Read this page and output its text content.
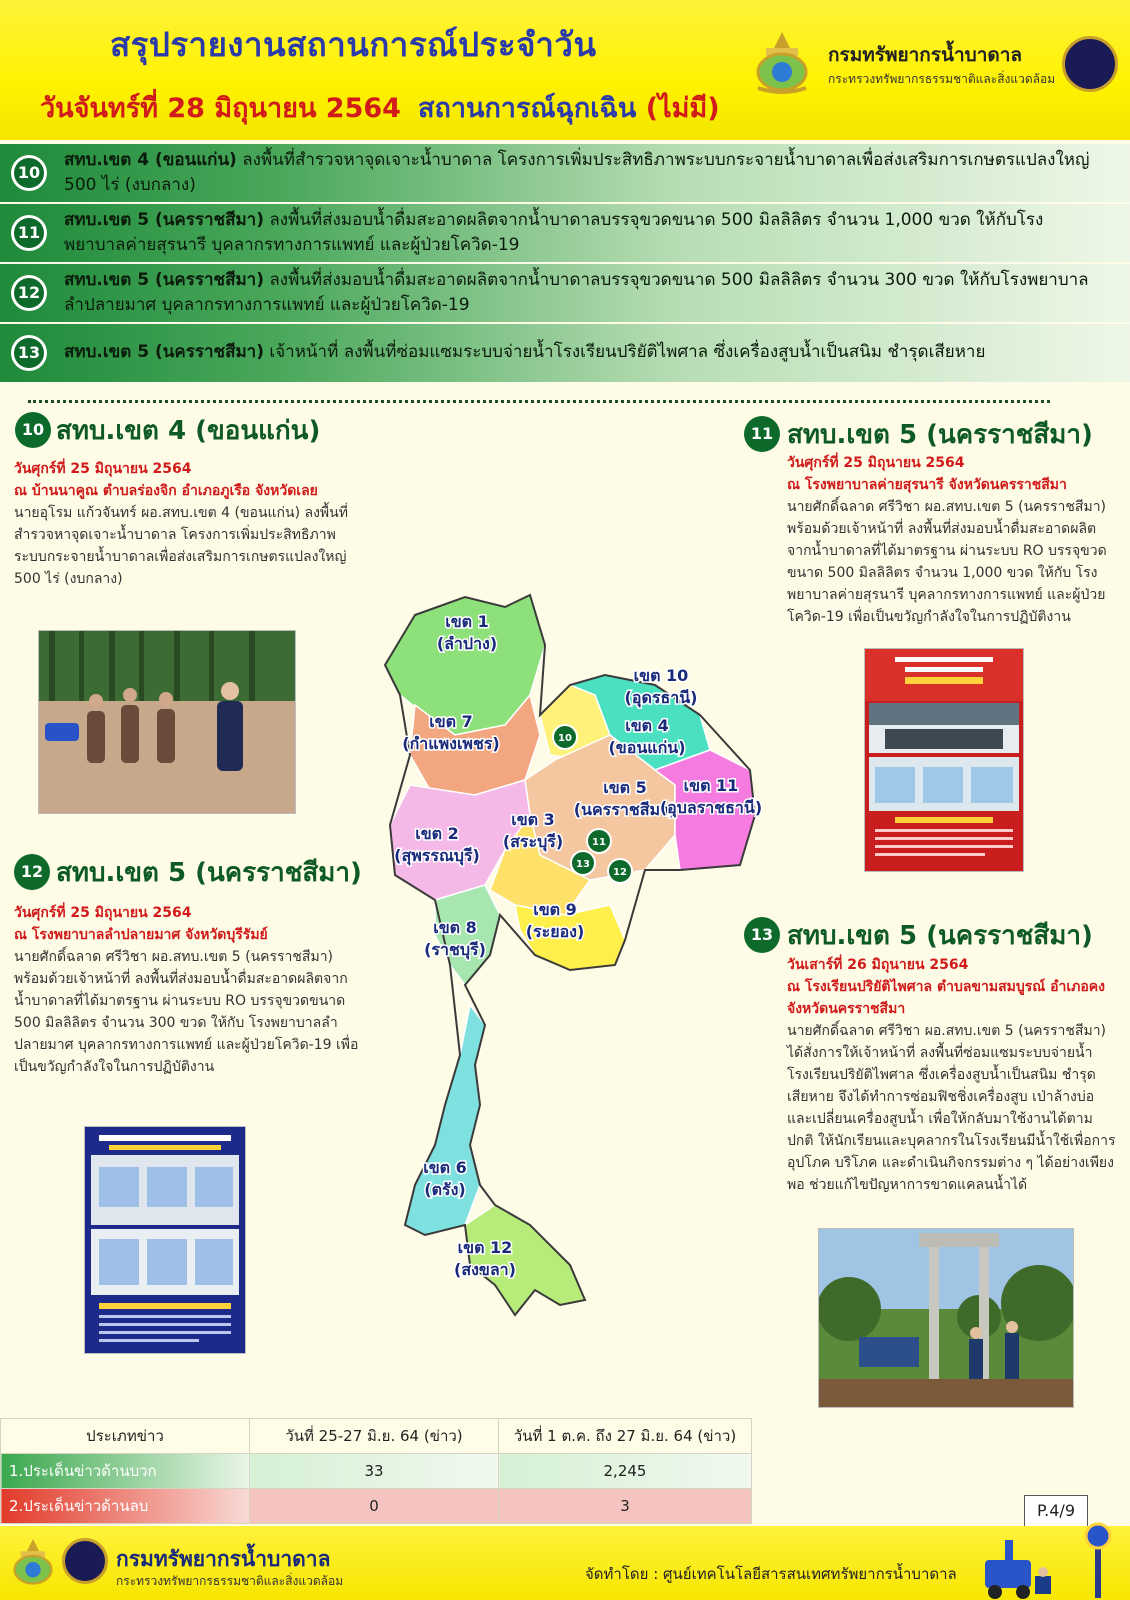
สรุปรายงานสถานการณ์ประจำวัน
วันจันทร์ที่ 28 มิถุนายน 2564 สถานการณ์ฉุกเฉิน (ไม่มี)
กรมทรัพยากรน้ำบาดาล
กระทรวงทรัพยากรธรรมชาติและสิ่งแวดล้อม
10
สทบ.เขต 4 (ขอนแก่น) ลงพื้นที่สำรวจหาจุดเจาะน้ำบาดาล โครงการเพิ่มประสิทธิภาพระบบกระจายน้ำบาดาลเพื่อส่งเสริมการเกษตรแปลงใหญ่ 500 ไร่ (งบกลาง)
11
สทบ.เขต 5 (นครราชสีมา) ลงพื้นที่ส่งมอบน้ำดื่มสะอาดผลิตจากน้ำบาดาลบรรจุขวดขนาด 500 มิลลิลิตร จำนวน 1,000 ขวด ให้กับโรงพยาบาลค่ายสุรนารี บุคลากรทางการแพทย์ และผู้ป่วยโควิด-19
12
สทบ.เขต 5 (นครราชสีมา) ลงพื้นที่ส่งมอบน้ำดื่มสะอาดผลิตจากน้ำบาดาลบรรจุขวดขนาด 500 มิลลิลิตร จำนวน 300 ขวด ให้กับโรงพยาบาลลำปลายมาศ บุคลากรทางการแพทย์ และผู้ป่วยโควิด-19
13	สทบ.เขต 5 (นครราชสีมา) เจ้าหน้าที่ ลงพื้นที่ซ่อมแซมระบบจ่ายน้ำโรงเรียนปริยัติไพศาล ซึ่งเครื่องสูบน้ำเป็นสนิม ชำรุดเสียหาย
10 สทบ.เขต 4 (ขอนแก่น)
วันศุกร์ที่ 25 มิถุนายน 2564
ณ บ้านนาคูณ ตำบลร่องจิก อำเภอภูเรือ จังหวัดเลย
นายอุโรม แก้วจันทร์ ผอ.สทบ.เขต 4 (ขอนแก่น) ลงพื้นที่สำรวจหาจุดเจาะน้ำบาดาล โครงการเพิ่มประสิทธิภาพระบบกระจายน้ำบาดาลเพื่อส่งเสริมการเกษตรแปลงใหญ่ 500 ไร่ (งบกลาง)
12 สทบ.เขต 5 (นครราชสีมา)
วันศุกร์ที่ 25 มิถุนายน 2564
ณ โรงพยาบาลลำปลายมาศ จังหวัดบุรีรัมย์
นายศักดิ์ฉลาด ศรีวิชา ผอ.สทบ.เขต 5 (นครราชสีมา) พร้อมด้วยเจ้าหน้าที่ ลงพื้นที่ส่งมอบน้ำดื่มสะอาดผลิตจากน้ำบาดาลที่ได้มาตรฐาน ผ่านระบบ RO บรรจุขวดขนาด 500 มิลลิลิตร จำนวน 300 ขวด ให้กับ โรงพยาบาลลำปลายมาศ บุคลากรทางการแพทย์ และผู้ป่วยโควิด-19 เพื่อเป็นขวัญกำลังใจในการปฏิบัติงาน
11 สทบ.เขต 5 (นครราชสีมา)
วันศุกร์ที่ 25 มิถุนายน 2564
ณ โรงพยาบาลค่ายสุรนารี จังหวัดนครราชสีมา
นายศักดิ์ฉลาด ศรีวิชา ผอ.สทบ.เขต 5 (นครราชสีมา) พร้อมด้วยเจ้าหน้าที่ ลงพื้นที่ส่งมอบน้ำดื่มสะอาดผลิตจากน้ำบาดาลที่ได้มาตรฐาน ผ่านระบบ RO บรรจุขวดขนาด 500 มิลลิลิตร จำนวน 1,000 ขวด ให้กับ โรงพยาบาลค่ายสุรนารี บุคลากรทางการแพทย์ และผู้ป่วยโควิด-19 เพื่อเป็นขวัญกำลังใจในการปฏิบัติงาน
13 สทบ.เขต 5 (นครราชสีมา)
วันเสาร์ที่ 26 มิถุนายน 2564
ณ โรงเรียนปริยัติไพศาล ตำบลขามสมบูรณ์ อำเภอคง จังหวัดนครราชสีมา
นายศักดิ์ฉลาด ศรีวิชา ผอ.สทบ.เขต 5 (นครราชสีมา) ได้สั่งการให้เจ้าหน้าที่ ลงพื้นที่ซ่อมแซมระบบจ่ายน้ำโรงเรียนปริยัติไพศาล ซึ่งเครื่องสูบน้ำเป็นสนิม ชำรุดเสียหาย จึงได้ทำการซ่อมฟิชชิ่งเครื่องสูบ เป่าล้างบ่อ และเปลี่ยนเครื่องสูบน้ำ เพื่อให้กลับมาใช้งานได้ตามปกติ ให้นักเรียนและบุคลากรในโรงเรียนมีน้ำใช้เพื่อการอุปโภค บริโภค และดำเนินกิจกรรมต่าง ๆ ได้อย่างเพียงพอ ช่วยแก้ไขปัญหาการขาดแคลนน้ำได้
เขต 1
(ลำปาง)
เขต 7
(กำแพงเพชร)
เขต 10
(อุดรธานี)
เขต 4
(ขอนแก่น)
เขต 5
(นครราชสีมา)
เขต 11
(อุบลราชธานี)
เขต 2
(สุพรรณบุรี)
เขต 3
(สระบุรี)
เขต 8
(ราชบุรี)
เขต 9
(ระยอง)
เขต 6
(ตรัง)
เขต 12
(สงขลา)
10
11
12
13
ประเภทข่าว	วันที่ 25-27 มิ.ย. 64 (ข่าว)	วันที่ 1 ต.ค. ถึง 27 มิ.ย. 64 (ข่าว)
1.ประเด็นข่าวด้านบวก	33	2,245
2.ประเด็นข่าวด้านลบ	0	3	P.4/9
กรมทรัพยากรน้ำบาดาล
กระทรวงทรัพยากรธรรมชาติและสิ่งแวดล้อม	จัดทำโดย : ศูนย์เทคโนโลยีสารสนเทศทรัพยากรน้ำบาดาล
